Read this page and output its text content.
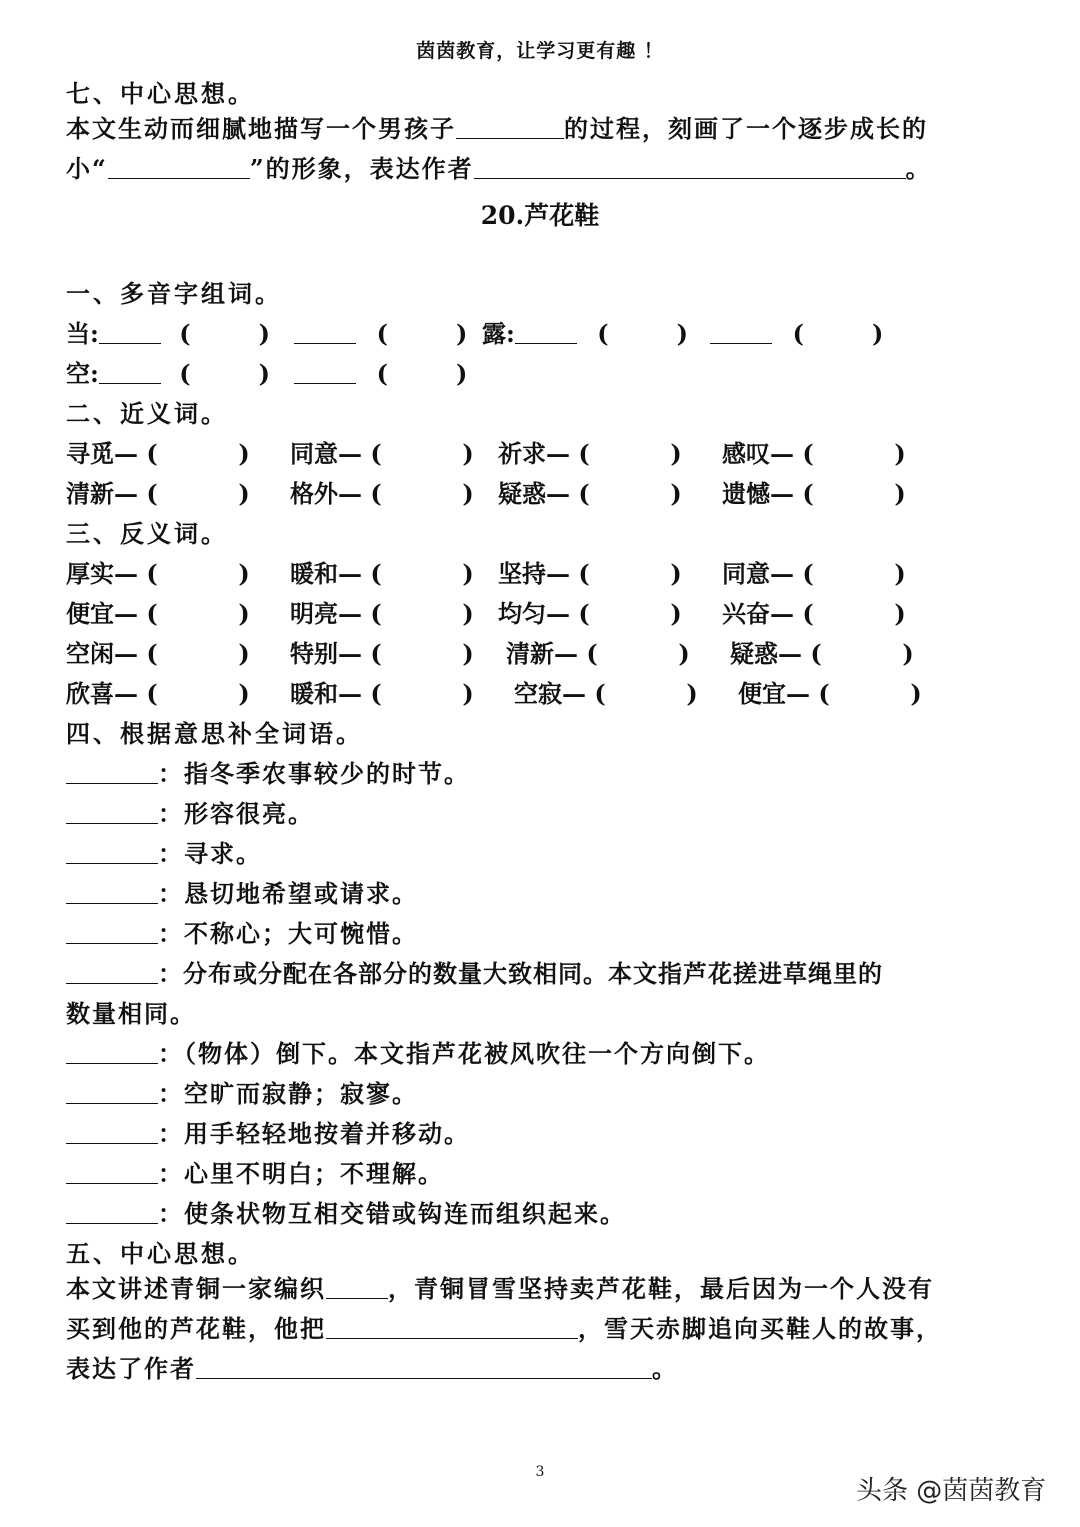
茵茵教育，让学习更有趣 ！
七、中心思想。
本文生动而细腻地描写一个男孩子	的过程，刻画了一个逐步成长的
小“	”的形象，表达作者	。
20.芦花鞋
一、多音字组词。
当:	(	)	(	) 露:	(	)	(	)
空:	(	)	(	)
二、近义词。
寻觅— (	) 同意— (	) 祈求— (	) 感叹— (	)
清新— (	) 格外— (	) 疑惑— (	) 遗憾— (	)
三、反义词。
厚实— (	) 暖和— (	) 坚持— (	) 同意— (	)
便宜— (	) 明亮— (	) 均匀— (	) 兴奋— (	)
空闲— (	) 特别— (	) 清新— (	) 疑惑— (	)
欣喜— (	) 暖和— (	) 空寂— (	) 便宜— (	)
四、根据意思补全词语。
：指冬季农事较少的时节。
：形容很亮。
：寻求。
：恳切地希望或请求。
：不称心；大可惋惜。
：分布或分配在各部分的数量大致相同。本文指芦花搓进草绳里的
数量相同。
：（物体）倒下。本文指芦花被风吹往一个方向倒下。
：空旷而寂静；寂寥。
：用手轻轻地按着并移动。
：心里不明白；不理解。
：使条状物互相交错或钩连而组织起来。
五、中心思想。
本文讲述青铜一家编织	，青铜冒雪坚持卖芦花鞋，最后因为一个人没有
买到他的芦花鞋，他把	，雪天赤脚追向买鞋人的故事，
表达了作者	。
3
头条 @茵茵教育
